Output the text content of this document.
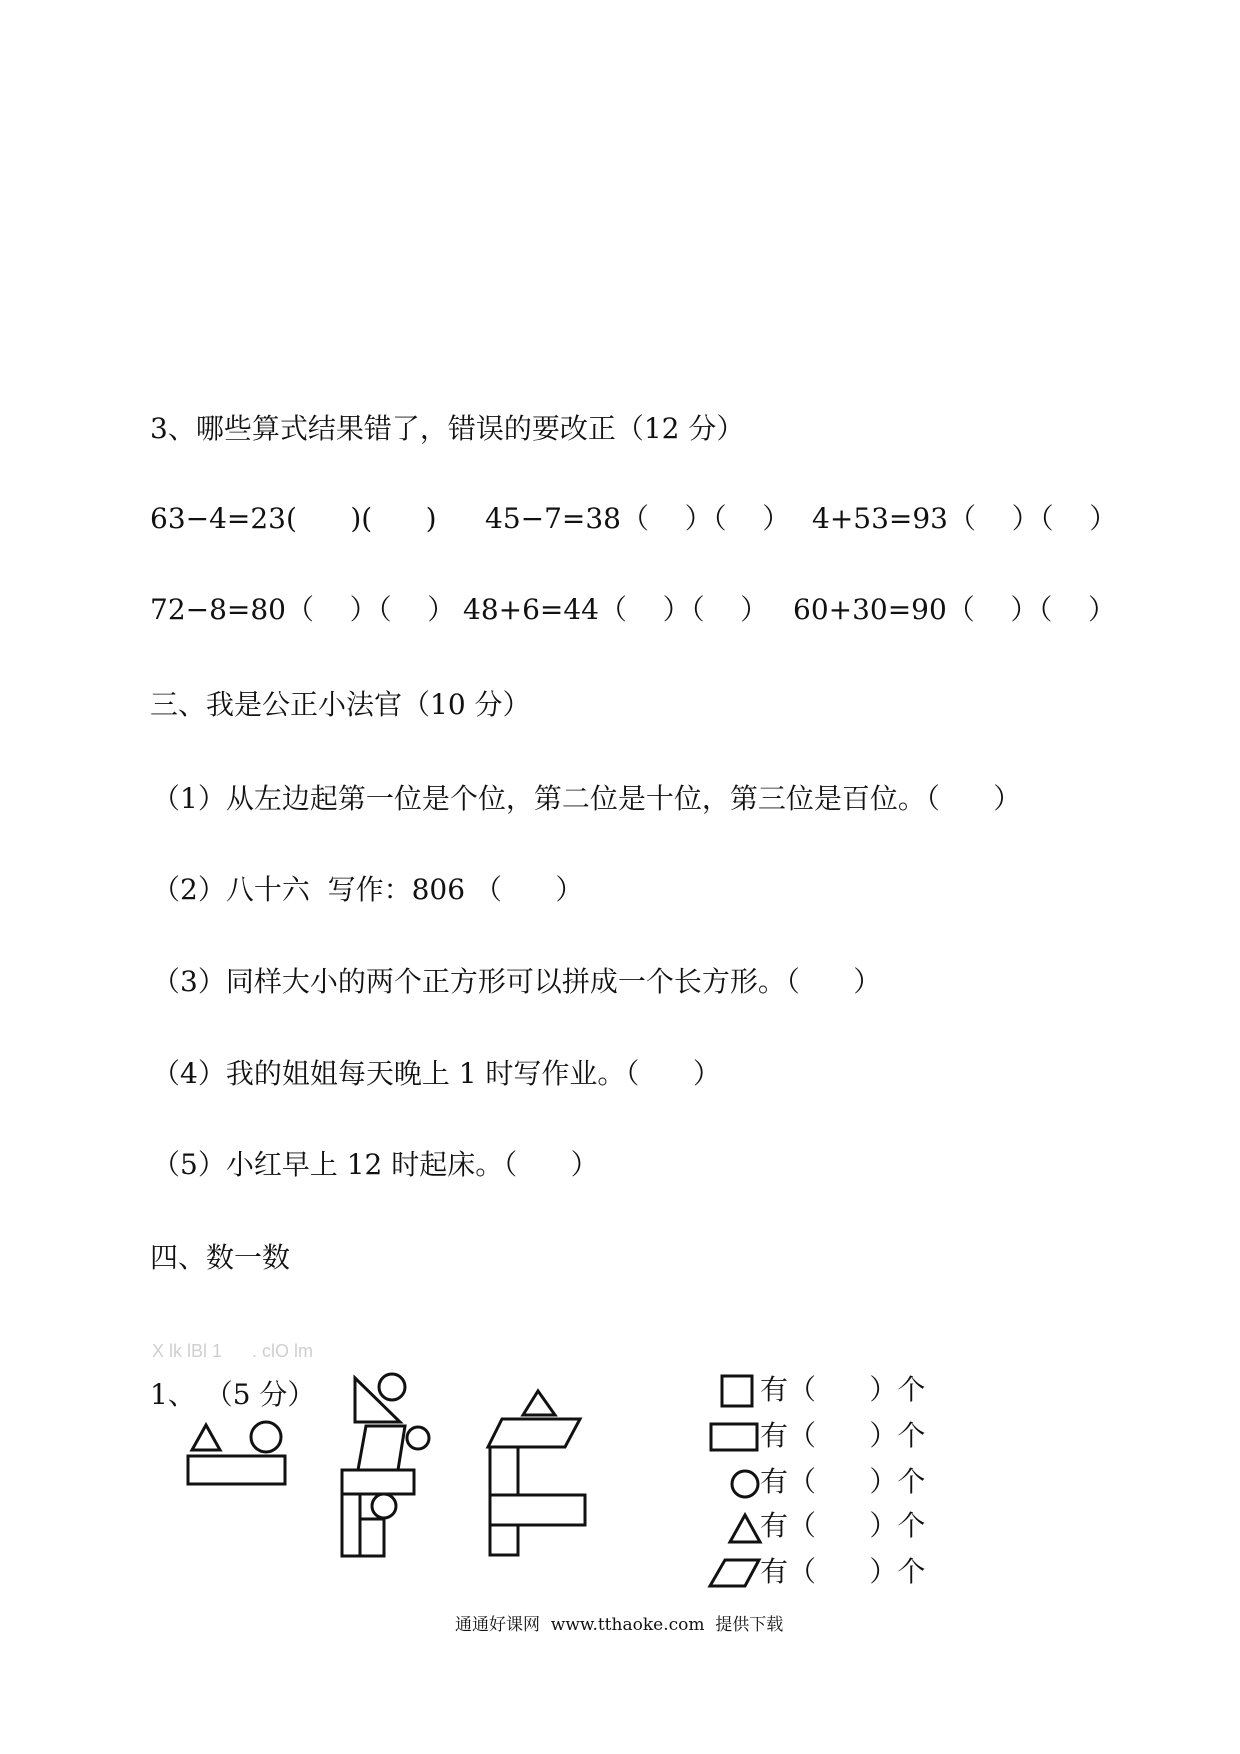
3、哪些算式结果错了，错误的要改正（12 分）
63−4=23(      )(      ) 45−7=38（    ）（    ） 4+53=93（    ）（    ）
72−8=80（    ）（    ） 48+6=44（    ）（    ） 60+30=90（    ）（    ）
三、我是公正小法官（10 分）
（1）从左边起第一位是个位，第二位是十位，第三位是百位。（      ）
（2）八十六  写作：806 （      ）
（3）同样大小的两个正方形可以拼成一个长方形。（      ）
（4）我的姐姐每天晚上 1 时写作业。（      ）
（5）小红早上 12 时起床。（      ）
四、数一数
X lk lBl 1      . clO lm
1、 （5 分）	有（      ）个
有（      ）个
有（      ）个
有（      ）个
有（      ）个
通通好课网  www.tthaoke.com  提供下载
